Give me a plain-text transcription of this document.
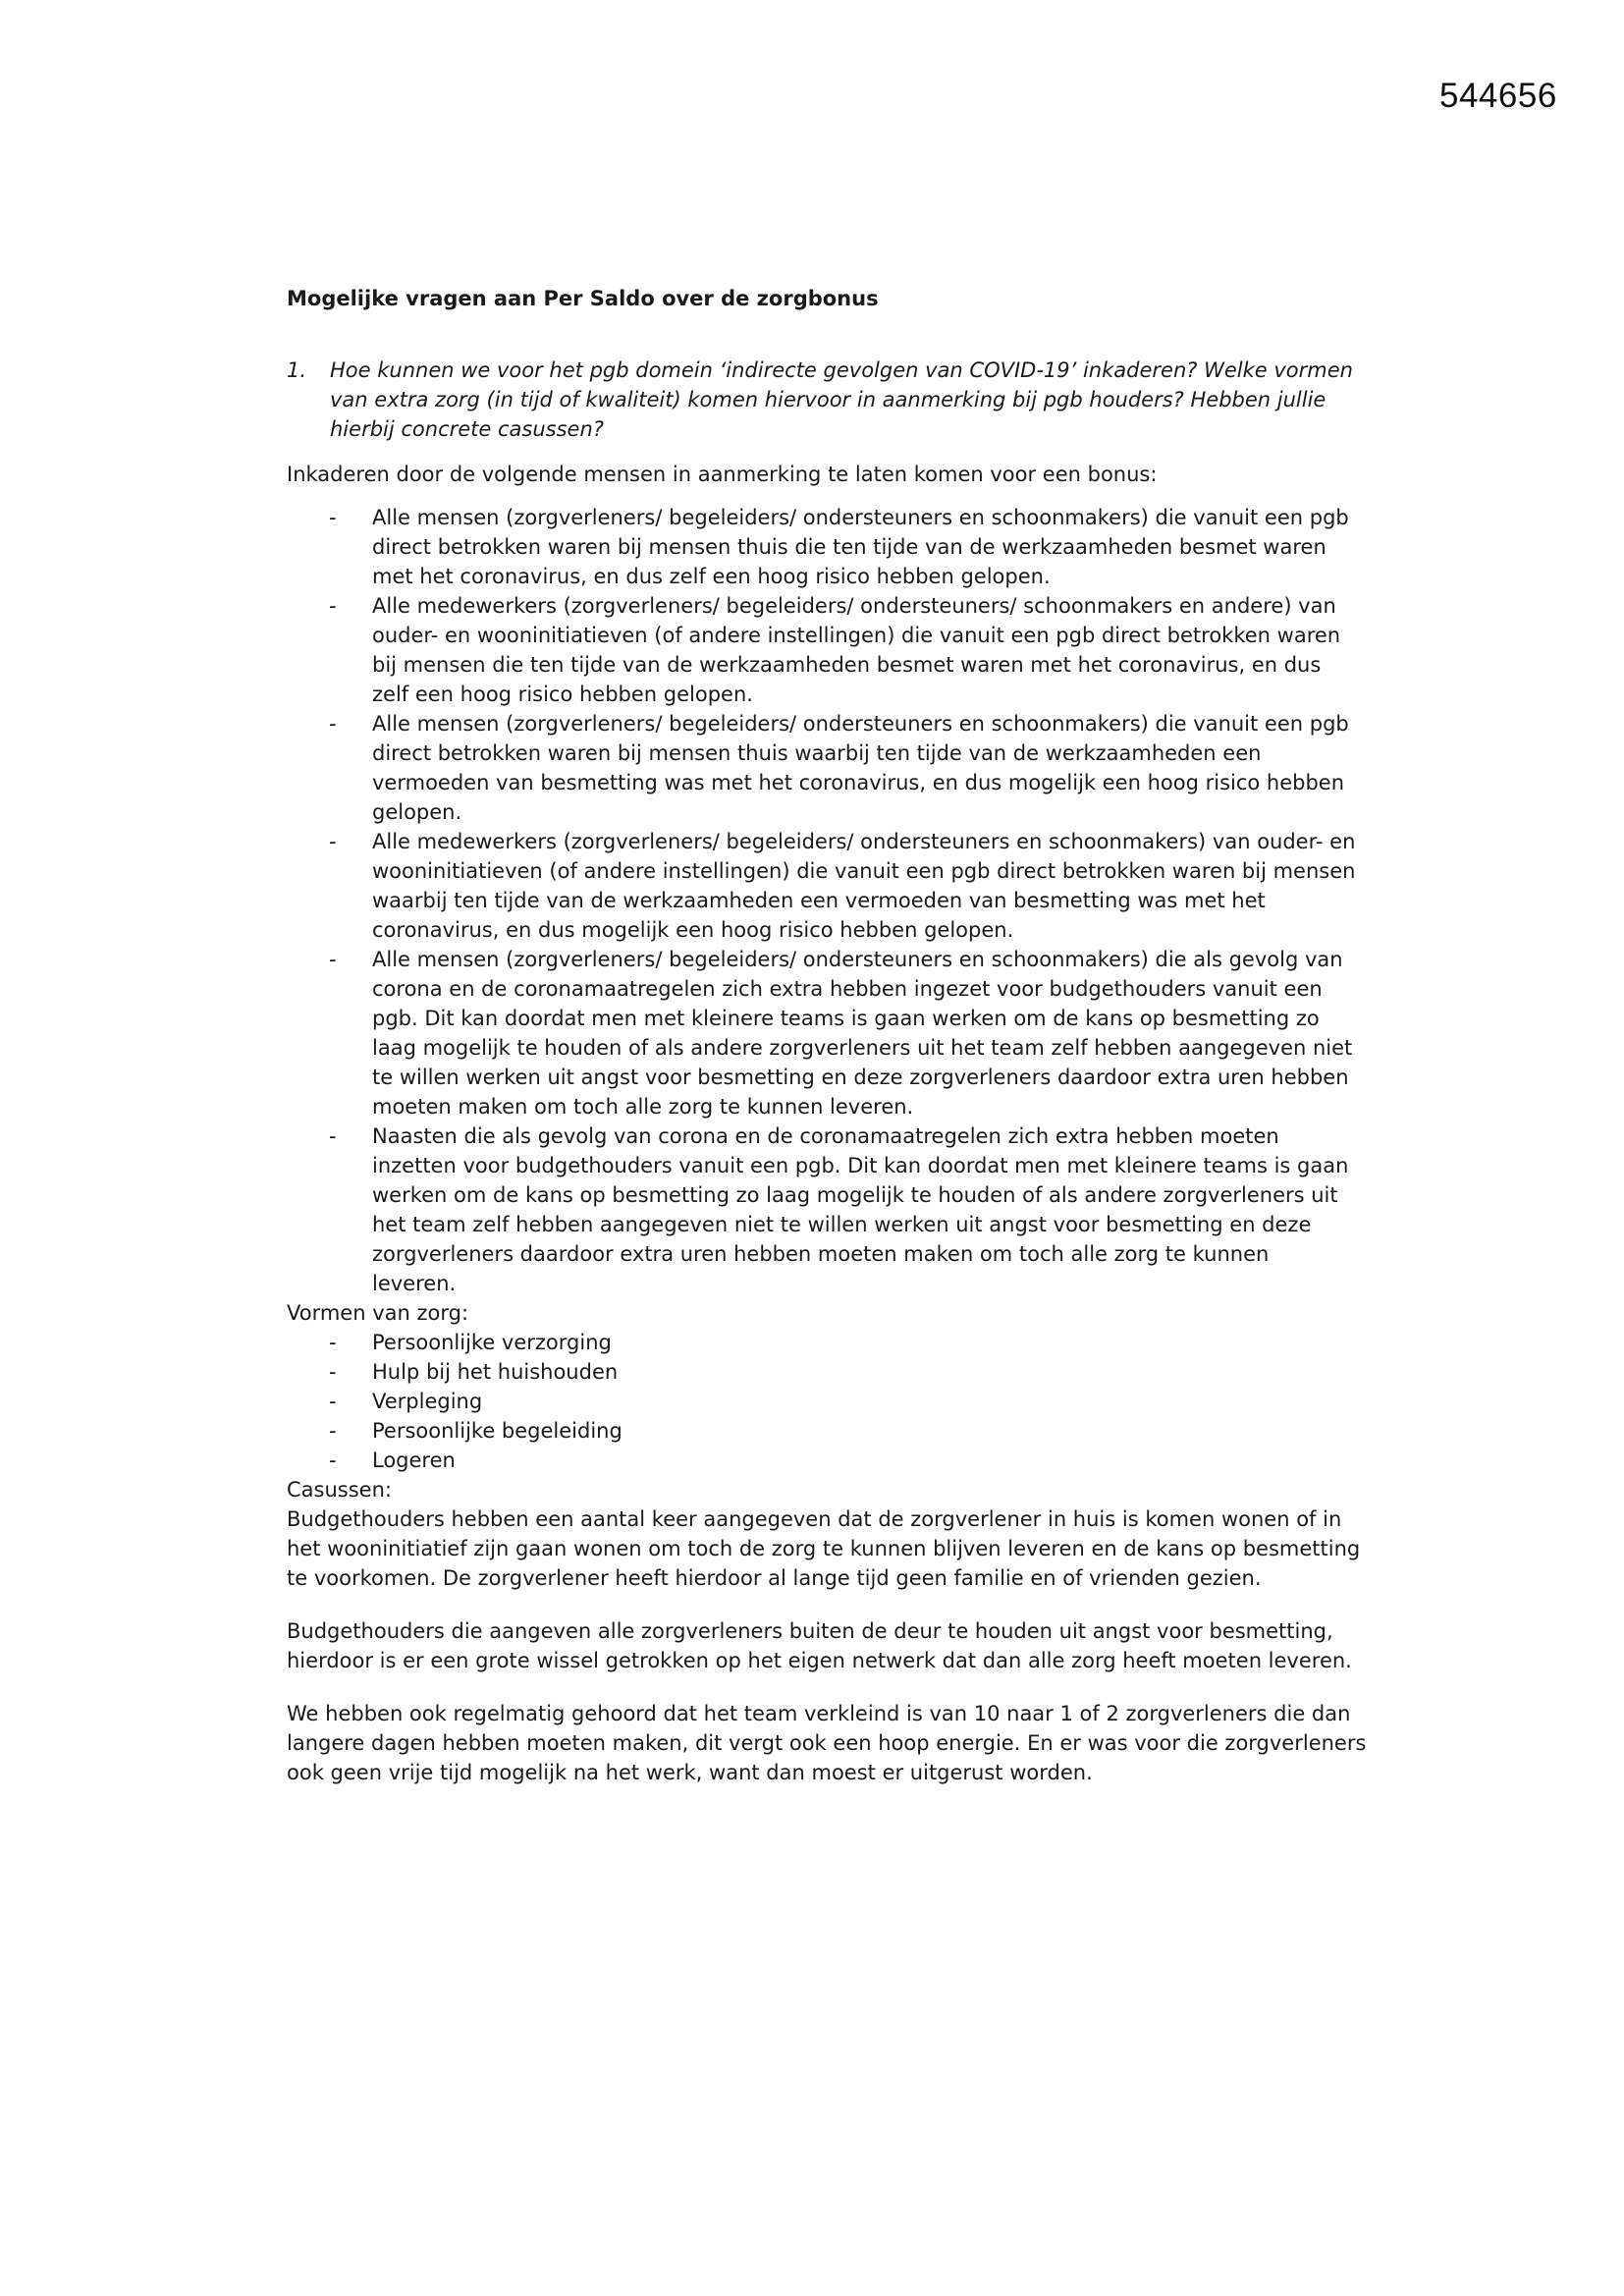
544656
Mogelijke vragen aan Per Saldo over de zorgbonus
1.	Hoe kunnen we voor het pgb domein ‘indirecte gevolgen van COVID-19’ inkaderen? Welke vormen van extra zorg (in tijd of kwaliteit) komen hiervoor in aanmerking bij pgb houders? Hebben jullie hierbij concrete casussen?
Inkaderen door de volgende mensen in aanmerking te laten komen voor een bonus:
-	Alle mensen (zorgverleners/ begeleiders/ ondersteuners en schoonmakers) die vanuit een pgb direct betrokken waren bij mensen thuis die ten tijde van de werkzaamheden besmet waren met het coronavirus, en dus zelf een hoog risico hebben gelopen.
-	Alle medewerkers (zorgverleners/ begeleiders/ ondersteuners/ schoonmakers en andere) van ouder- en wooninitiatieven (of andere instellingen) die vanuit een pgb direct betrokken waren bij mensen die ten tijde van de werkzaamheden besmet waren met het coronavirus, en dus zelf een hoog risico hebben gelopen.
-	Alle mensen (zorgverleners/ begeleiders/ ondersteuners en schoonmakers) die vanuit een pgb direct betrokken waren bij mensen thuis waarbij ten tijde van de werkzaamheden een vermoeden van besmetting was met het coronavirus, en dus mogelijk een hoog risico hebben gelopen.
-	Alle medewerkers (zorgverleners/ begeleiders/ ondersteuners en schoonmakers) van ouder- en wooninitiatieven (of andere instellingen) die vanuit een pgb direct betrokken waren bij mensen waarbij ten tijde van de werkzaamheden een vermoeden van besmetting was met het coronavirus, en dus mogelijk een hoog risico hebben gelopen.
-	Alle mensen (zorgverleners/ begeleiders/ ondersteuners en schoonmakers) die als gevolg van corona en de coronamaatregelen zich extra hebben ingezet voor budgethouders vanuit een pgb. Dit kan doordat men met kleinere teams is gaan werken om de kans op besmetting zo laag mogelijk te houden of als andere zorgverleners uit het team zelf hebben aangegeven niet te willen werken uit angst voor besmetting en deze zorgverleners daardoor extra uren hebben moeten maken om toch alle zorg te kunnen leveren.
-	Naasten die als gevolg van corona en de coronamaatregelen zich extra hebben moeten inzetten voor budgethouders vanuit een pgb. Dit kan doordat men met kleinere teams is gaan werken om de kans op besmetting zo laag mogelijk te houden of als andere zorgverleners uit het team zelf hebben aangegeven niet te willen werken uit angst voor besmetting en deze zorgverleners daardoor extra uren hebben moeten maken om toch alle zorg te kunnen leveren.
Vormen van zorg:
-	Persoonlijke verzorging
-	Hulp bij het huishouden
-	Verpleging
-	Persoonlijke begeleiding
-	Logeren
Casussen:

Budgethouders hebben een aantal keer aangegeven dat de zorgverlener in huis is komen wonen of in het wooninitiatief zijn gaan wonen om toch de zorg te kunnen blijven leveren en de kans op besmetting te voorkomen. De zorgverlener heeft hierdoor al lange tijd geen familie en of vrienden gezien.

Budgethouders die aangeven alle zorgverleners buiten de deur te houden uit angst voor besmetting, hierdoor is er een grote wissel getrokken op het eigen netwerk dat dan alle zorg heeft moeten leveren.

We hebben ook regelmatig gehoord dat het team verkleind is van 10 naar 1 of 2 zorgverleners die dan langere dagen hebben moeten maken, dit vergt ook een hoop energie. En er was voor die zorgverleners ook geen vrije tijd mogelijk na het werk, want dan moest er uitgerust worden.
